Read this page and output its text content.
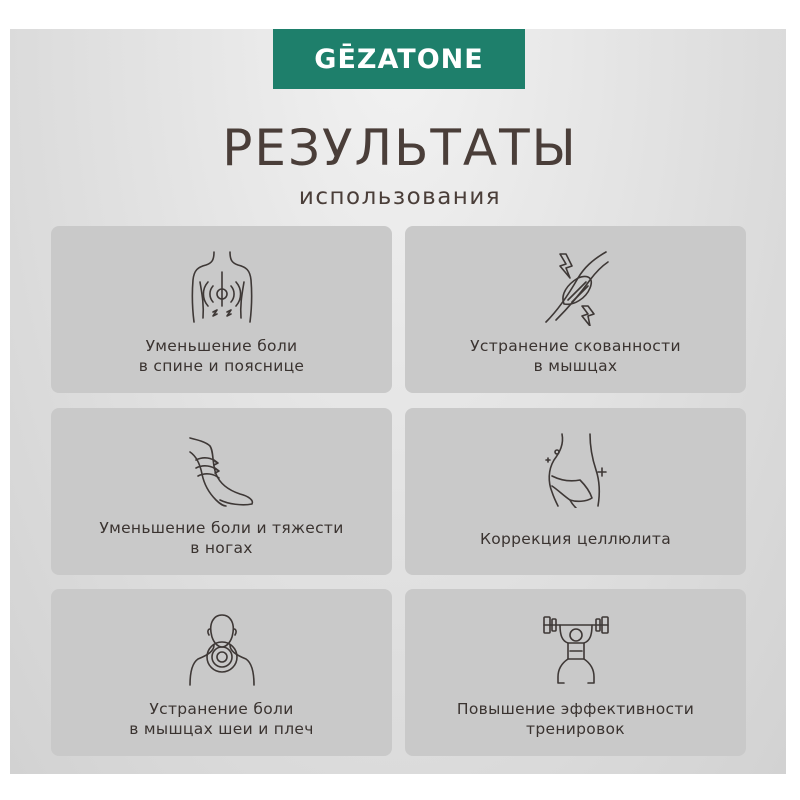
GĒZATONE
РЕЗУЛЬТАТЫ
использования
Уменьшение боли
в спине и пояснице
Устранение скованности
в мышцах
Уменьшение боли и тяжести
в ногах	Коррекция целлюлита
Устранение боли
в мышцах шеи и плеч
Повышение эффективности
тренировок
